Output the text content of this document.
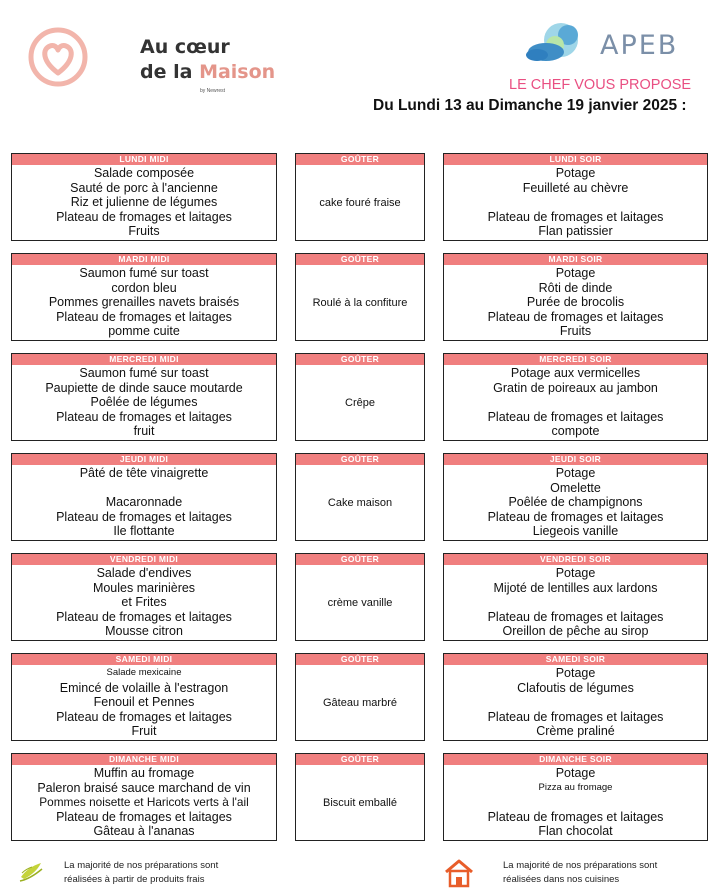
Au cœur
de la Maison
by Newrest
APEB
LE CHEF VOUS PROPOSE
Du Lundi 13 au Dimanche 19 janvier 2025 :
LUNDI MIDI
Salade composée
Sauté de porc à l'ancienne
Riz et julienne de légumes
Plateau de fromages et laitages
Fruits
GOÛTER
cake fouré fraise
LUNDI SOIR
Potage
Feuilleté au chèvre
Plateau de fromages et laitages
Flan patissier
MARDI MIDI
Saumon fumé sur toast
cordon bleu
Pommes grenailles navets braisés
Plateau de fromages et laitages
pomme cuite
GOÛTER
Roulé à la confiture
MARDI SOIR
Potage
Rôti de dinde
Purée de brocolis
Plateau de fromages et laitages
Fruits
MERCREDI MIDI
Saumon fumé sur toast
Paupiette de dinde sauce moutarde
Poêlée de légumes
Plateau de fromages et laitages
fruit
GOÛTER
Crêpe
MERCREDI SOIR
Potage aux vermicelles
Gratin de poireaux au jambon
Plateau de fromages et laitages
compote
JEUDI MIDI
Pâté de tête vinaigrette
Macaronnade
Plateau de fromages et laitages
Ile flottante
GOÛTER
Cake maison
JEUDI SOIR
Potage
Omelette
Poêlée de champignons
Plateau de fromages et laitages
Liegeois vanille
VENDREDI MIDI
Salade d'endives
Moules marinières
et Frites
Plateau de fromages et laitages
Mousse citron
GOÛTER
crème vanille
VENDREDI SOIR
Potage
Mijoté de lentilles aux lardons
Plateau de fromages et laitages
Oreillon de pêche au sirop
SAMEDI MIDI
Salade mexicaine
Emincé de volaille à l'estragon
Fenouil et Pennes
Plateau de fromages et laitages
Fruit
GOÛTER
Gâteau marbré
SAMEDI SOIR
Potage
Clafoutis de légumes
Plateau de fromages et laitages
Crème praliné
DIMANCHE MIDI
Muffin au fromage
Paleron braisé sauce marchand de vin
Pommes noisette et Haricots verts à l'ail
Plateau de fromages et laitages
Gâteau à l'ananas
GOÛTER
Biscuit emballé
DIMANCHE SOIR
Potage
Pizza au fromage
Plateau de fromages et laitages
Flan chocolat
La majorité de nos préparations sont
réalisées à partir de produits frais
La majorité de nos préparations sont
réalisées dans nos cuisines
